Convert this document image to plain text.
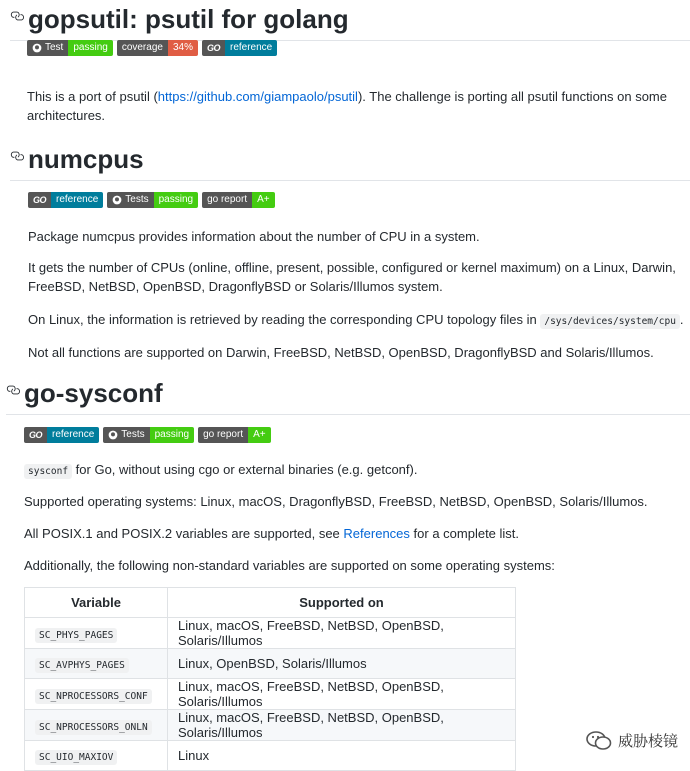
gopsutil: psutil for golang
Test	passing	coverage	34%	GO	reference

This is a port of psutil (https://github.com/giampaolo/psutil). The challenge is porting all psutil functions on some
architectures.

numcpus
GO	reference	Tests	passing	go report	A+

Package numcpus provides information about the number of CPU in a system.

It gets the number of CPUs (online, offline, present, possible, configured or kernel maximum) on a Linux, Darwin,
FreeBSD, NetBSD, OpenBSD, DragonflyBSD or Solaris/Illumos system.

On Linux, the information is retrieved by reading the corresponding CPU topology files in /sys/devices/system/cpu .

Not all functions are supported on Darwin, FreeBSD, NetBSD, OpenBSD, DragonflyBSD and Solaris/Illumos.

go-sysconf
GO	reference	Tests	passing	go report	A+

sysconf for Go, without using cgo or external binaries (e.g. getconf).

Supported operating systems: Linux, macOS, DragonflyBSD, FreeBSD, NetBSD, OpenBSD, Solaris/Illumos.

All POSIX.1 and POSIX.2 variables are supported, see References for a complete list.

Additionally, the following non-standard variables are supported on some operating systems:

Variable	Supported on
SC_PHYS_PAGES	Linux, macOS, FreeBSD, NetBSD, OpenBSD, Solaris/Illumos
SC_AVPHYS_PAGES	Linux, OpenBSD, Solaris/Illumos
SC_NPROCESSORS_CONF	Linux, macOS, FreeBSD, NetBSD, OpenBSD, Solaris/Illumos
SC_NPROCESSORS_ONLN	Linux, macOS, FreeBSD, NetBSD, OpenBSD, Solaris/Illumos
SC_UIO_MAXIOV	Linux
威胁棱镜
